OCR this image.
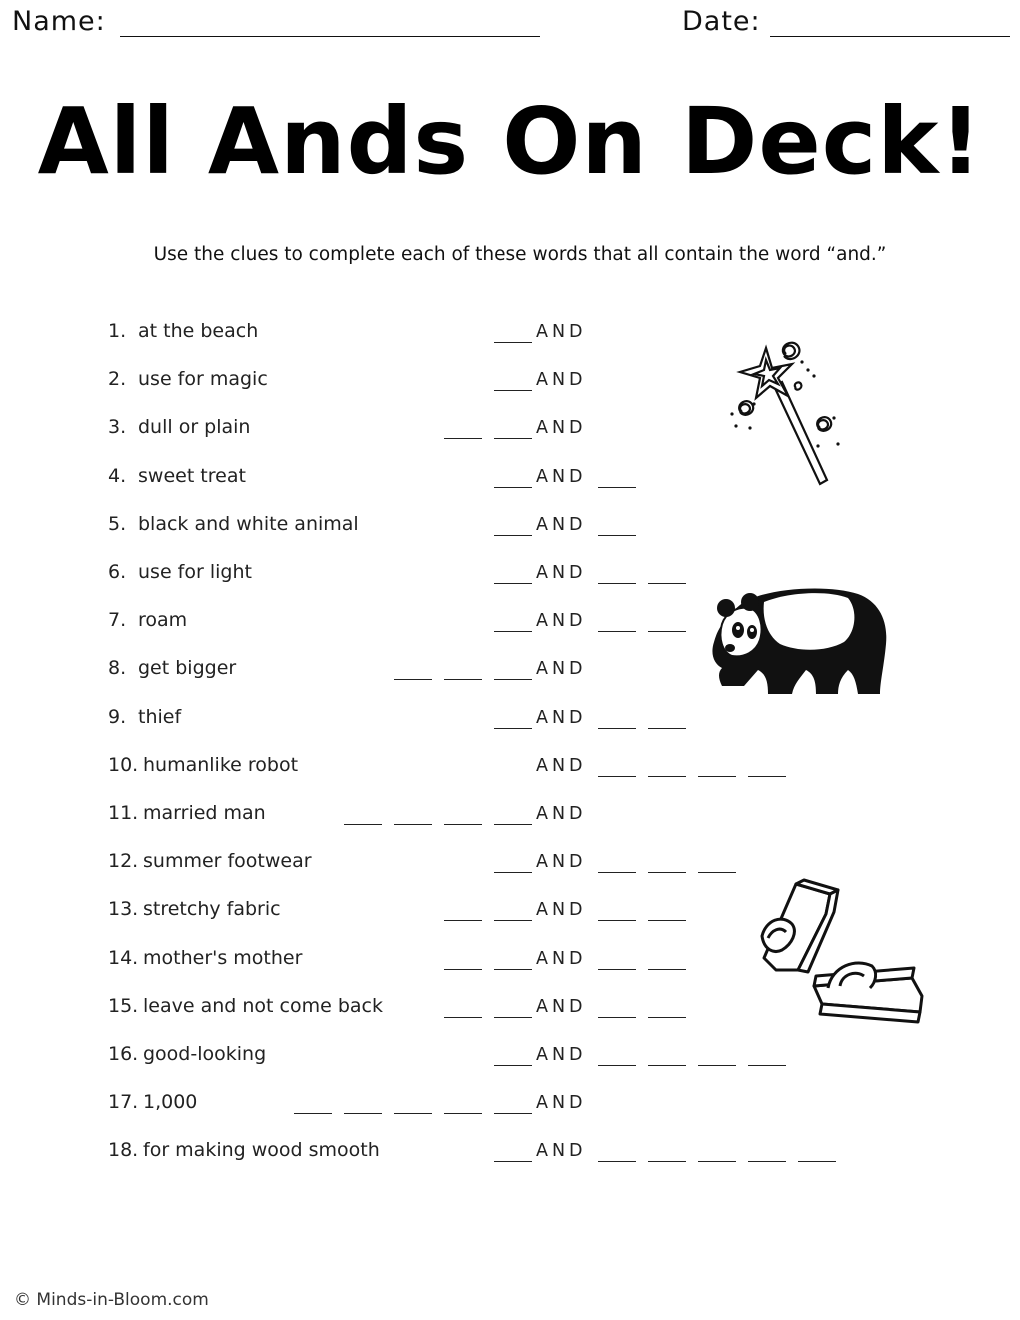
Name:	Date:
All Ands On Deck!
Use the clues to complete each of these words that all contain the word “and.”
1. at the beach	AND
2. use for magic	AND
3. dull or plain	AND
4. sweet treat	AND
5. black and white animal	AND
6. use for light	AND
7. roam	AND
8. get bigger	AND
9. thief	AND
10. humanlike robot	AND
11. married man	AND
12. summer footwear	AND
13. stretchy fabric	AND
14. mother's mother	AND
15. leave and not come back	AND
16. good-looking	AND
17. 1,000	AND
18. for making wood smooth	AND
© Minds-in-Bloom.com
